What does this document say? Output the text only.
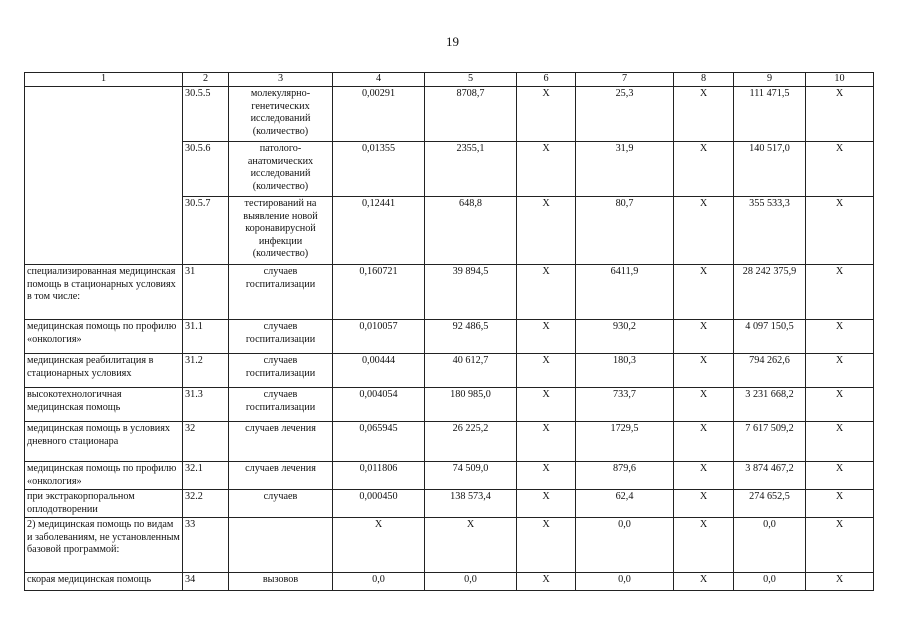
19
1	2	3	4	5	6	7	8	9	10
	30.5.5	молекулярно-генетических исследований (количество)	0,00291	8708,7	Х	25,3	Х	111 471,5	Х
	30.5.6	патолого-анатомических исследований (количество)	0,01355	2355,1	Х	31,9	Х	140 517,0	Х
	30.5.7	тестирований на выявление новой коронавирусной инфекции (количество)	0,12441	648,8	Х	80,7	Х	355 533,3	Х
специализированная медицинская помощь в стационарных условиях в том числе:	31	случаев госпитализации	0,160721	39 894,5	Х	6411,9	Х	28 242 375,9	Х
медицинская помощь по профилю «онкология»	31.1	случаев госпитализации	0,010057	92 486,5	Х	930,2	Х	4 097 150,5	Х
медицинская реабилитация в стационарных условиях	31.2	случаев госпитализации	0,00444	40 612,7	Х	180,3	Х	794 262,6	Х
высокотехнологичная медицинская помощь	31.3	случаев госпитализации	0,004054	180 985,0	Х	733,7	Х	3 231 668,2	Х
медицинская помощь в условиях дневного стационара	32	случаев лечения	0,065945	26 225,2	Х	1729,5	Х	7 617 509,2	Х
медицинская помощь по профилю «онкология»	32.1	случаев лечения	0,011806	74 509,0	Х	879,6	Х	3 874 467,2	Х
при экстракорпоральном оплодотворении	32.2	случаев	0,000450	138 573,4	Х	62,4	Х	274 652,5	Х
2) медицинская помощь по видам и заболеваниям, не установленным базовой программой:	33		Х	Х	Х	0,0	Х	0,0	Х
скорая медицинская помощь	34	вызовов	0,0	0,0	Х	0,0	Х	0,0	Х
